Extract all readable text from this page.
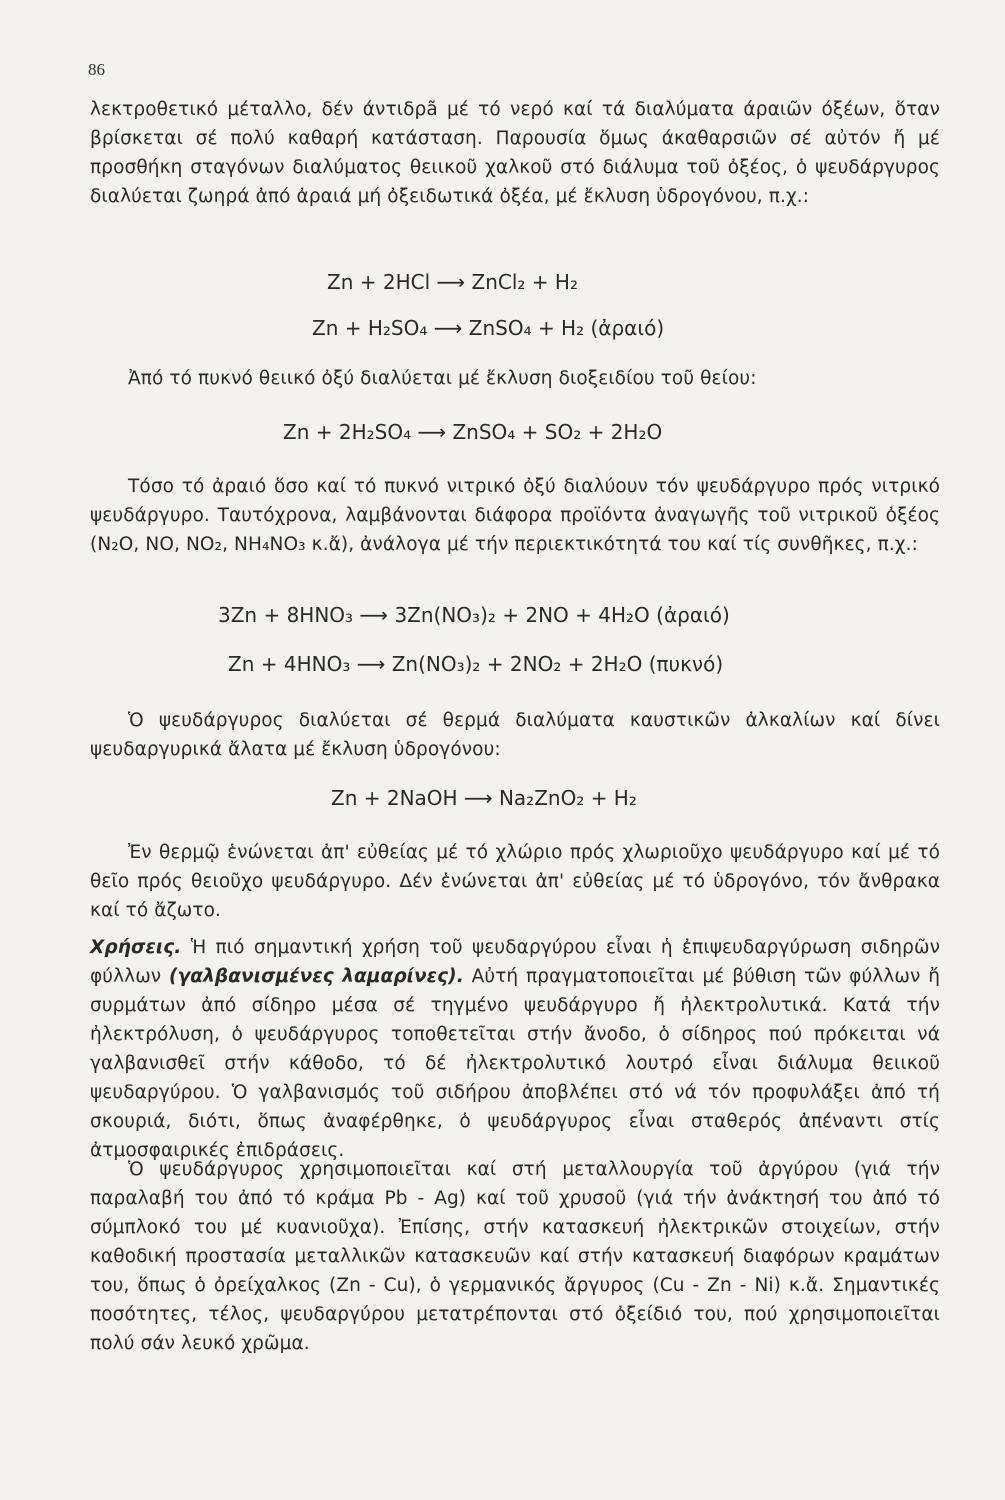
86

λεκτροθετικό μέταλλο, δέν άντιδρã μέ τό νερό καί τά διαλύματα άραιῶν όξέων, ὅταν βρίσκεται σέ πολύ καθαρή κατάσταση. Παρουσία ὅμως άκαθαρσιῶν σέ αὐτόν ἤ μέ προσθήκη σταγόνων διαλύματος θειικοῦ χαλκοῦ στό διάλυμα τοῦ ὀξέος, ὁ ψευδάργυρος διαλύεται ζωηρά ἀπό ἀραιά μή ὀξειδωτικά ὀξέα, μέ ἔκλυση ὑδρογόνου, π.χ.:

Zn + 2HCl ⟶ ZnCl₂ + H₂
Zn + H₂SO₄ ⟶ ZnSO₄ + H₂ (ἀραιό)

Ἀπό τό πυκνό θειικό ὀξύ διαλύεται μέ ἔκλυση διοξειδίου τοῦ θείου:

Zn + 2H₂SO₄ ⟶ ZnSO₄ + SO₂ + 2H₂O

Τόσο τό ἀραιό ὅσο καί τό πυκνό νιτρικό ὀξύ διαλύουν τόν ψευδάργυρο πρός νιτρικό ψευδάργυρο. Ταυτόχρονα, λαμβάνονται διάφορα προϊόντα ἀναγωγῆς τοῦ νιτρικοῦ ὀξέος (N₂O, NO, NO₂, NH₄NO₃ κ.ἄ), ἀνάλογα μέ τήν περιεκτικότητά του καί τίς συνθῆκες, π.χ.:

3Zn + 8HNO₃ ⟶ 3Zn(NO₃)₂ + 2NO + 4H₂O (ἀραιό)
Zn + 4HNO₃ ⟶ Zn(NO₃)₂ + 2NO₂ + 2H₂O (πυκνό)

Ὁ ψευδάργυρος διαλύεται σέ θερμά διαλύματα καυστικῶν ἀλκαλίων καί δίνει ψευδαργυρικά ἄλατα μέ ἔκλυση ὑδρογόνου:

Zn + 2NaOH ⟶ Na₂ZnO₂ + H₂

Ἐν θερμῷ ἑνώνεται ἀπ' εὐθείας μέ τό χλώριο πρός χλωριοῦχο ψευδάργυρο καί μέ τό θεῖο πρός θειοῦχο ψευδάργυρο. Δέν ἑνώνεται ἀπ' εὐθείας μέ τό ὑδρογόνο, τόν ἄνθρακα καί τό ἄζωτο.

Χρήσεις. Ἡ πιό σημαντική χρήση τοῦ ψευδαργύρου εἶναι ἡ ἐπιψευδαργύρωση σιδηρῶν φύλλων (γαλβανισμένες λαμαρίνες). Αὐτή πραγματοποιεῖται μέ βύθιση τῶν φύλλων ἤ συρμάτων ἀπό σίδηρο μέσα σέ τηγμένο ψευδάργυρο ἤ ἠλεκτρολυτικά. Κατά τήν ἠλεκτρόλυση, ὁ ψευδάργυρος τοποθετεῖται στήν ἄνοδο, ὁ σίδηρος πού πρόκειται νά γαλβανισθεῖ στήν κάθοδο, τό δέ ἠλεκτρολυτικό λουτρό εἶναι διάλυμα θειικοῦ ψευδαργύρου. Ὁ γαλβανισμός τοῦ σιδήρου ἀποβλέπει στό νά τόν προφυλάξει ἀπό τή σκουριά, διότι, ὅπως ἀναφέρθηκε, ὁ ψευδάργυρος εἶναι σταθερός ἀπέναντι στίς ἀτμοσφαιρικές ἐπιδράσεις.

Ὁ ψευδάργυρος χρησιμοποιεῖται καί στή μεταλλουργία τοῦ ἀργύρου (γιά τήν παραλαβή του ἀπό τό κράμα Pb - Ag) καί τοῦ χρυσοῦ (γιά τήν ἀνάκτησή του ἀπό τό σύμπλοκό του μέ κυανιοῦχα). Ἐπίσης, στήν κατασκευή ἠλεκτρικῶν στοιχείων, στήν καθοδική προστασία μεταλλικῶν κατασκευῶν καί στήν κατασκευή διαφόρων κραμάτων του, ὅπως ὁ ὀρείχαλκος (Zn - Cu), ὁ γερμανικός ἄργυρος (Cu - Zn - Ni) κ.ἄ. Σημαντικές ποσότητες, τέλος, ψευδαργύρου μετατρέπονται στό ὀξείδιό του, πού χρησιμοποιεῖται πολύ σάν λευκό χρῶμα.
